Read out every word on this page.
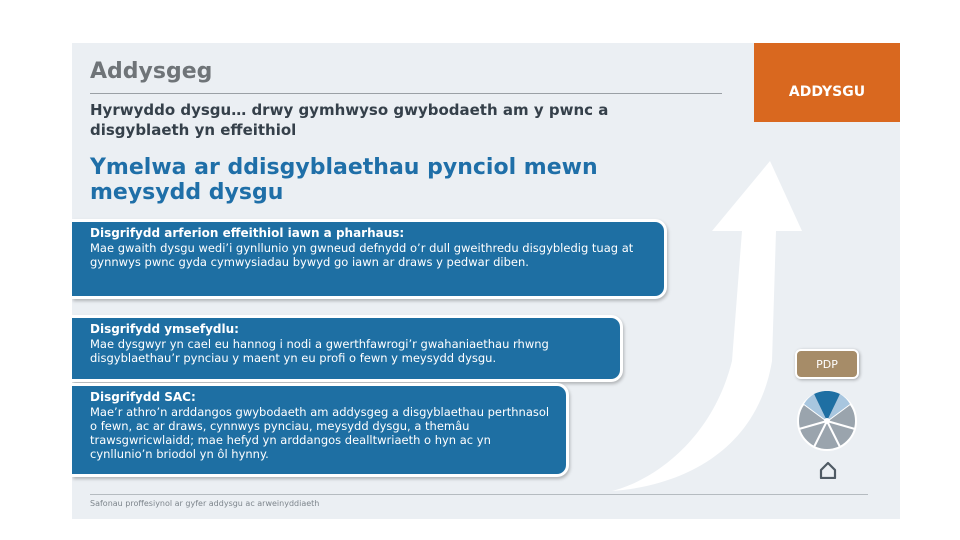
Addysgeg

Hyrwyddo dysgu… drwy gymhwyso gwybodaeth am y pwnc a disgyblaeth yn effeithiol

Ymelwa ar ddisgyblaethau pynciol mewn meysydd dysgu
Disgrifydd arferion effeithiol iawn a pharhaus:
Mae gwaith dysgu wedi’i gynllunio yn gwneud defnydd o’r dull gweithredu disgybledig tuag at gynnwys pwnc gyda cymwysiadau bywyd go iawn ar draws y pedwar diben.
Disgrifydd ymsefydlu:
Mae dysgwyr yn cael eu hannog i nodi a gwerthfawrogi’r gwahaniaethau rhwng disgyblaethau’r pynciau y maent yn eu profi o fewn y meysydd dysgu.
Disgrifydd SAC:
Mae’r athro’n arddangos gwybodaeth am addysgeg a disgyblaethau perthnasol o fewn, ac ar draws, cynnwys pynciau, meysydd dysgu, a themâu trawsgwricwlaidd; mae hefyd yn arddangos dealltwriaeth o hyn ac yn cynllunio’n briodol yn ôl hynny.
ADDYSGU
PDP

Safonau proffesiynol ar gyfer addysgu ac arweinyddiaeth
